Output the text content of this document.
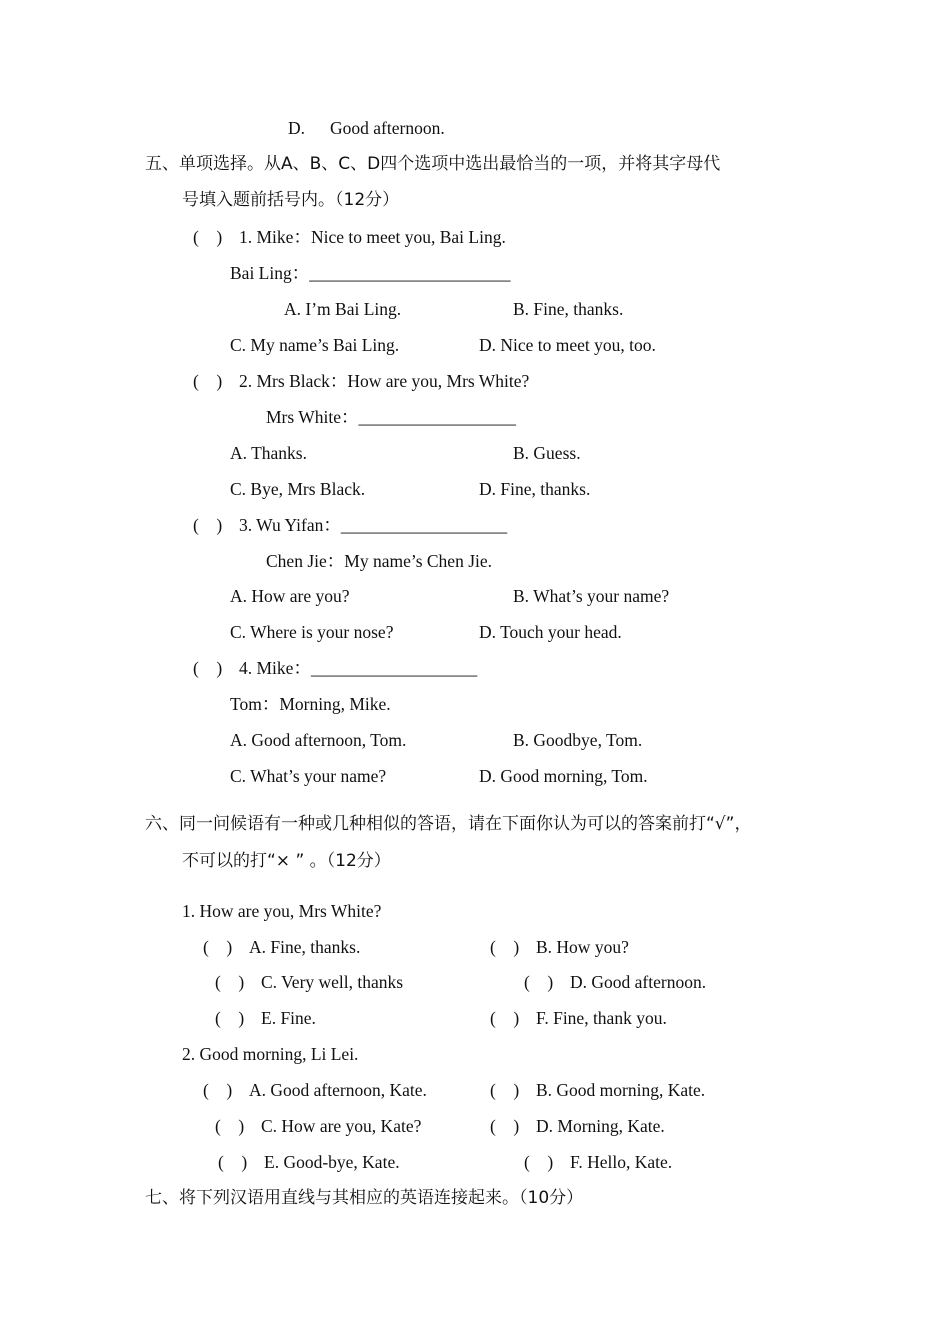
D. Good afternoon.
五、单项选择。从A、B、C、D四个选项中选出最恰当的一项，并将其字母代
号填入题前括号内。（12分）
(    ) 1. Mike：Nice to meet you, Bai Ling.
Bai Ling：_______________________
A. I’m Bai Ling.	B. Fine, thanks.
C. My name’s Bai Ling.	D. Nice to meet you, too.
(    ) 2. Mrs Black：How are you, Mrs White?
Mrs White：__________________
A. Thanks.	B. Guess.
C. Bye, Mrs Black.	D. Fine, thanks.
(    ) 3. Wu Yifan：___________________
Chen Jie：My name’s Chen Jie.
A. How are you?	B. What’s your name?
C. Where is your nose?	D. Touch your head.
(    ) 4. Mike：___________________
Tom：Morning, Mike.
A. Good afternoon, Tom.	B. Goodbye, Tom.
C. What’s your name?	D. Good morning, Tom.
六、同一问候语有一种或几种相似的答语，请在下面你认为可以的答案前打“√”，
不可以的打“× ” 。（12分）
1. How are you, Mrs White?
(    ) A. Fine, thanks.	(    ) B. How you?
(    ) C. Very well, thanks	(    ) D. Good afternoon.
(    ) E. Fine.	(    ) F. Fine, thank you.
2. Good morning, Li Lei.
(    ) A. Good afternoon, Kate.	(    ) B. Good morning, Kate.
(    ) C. How are you, Kate?	(    ) D. Morning, Kate.
(    ) E. Good-bye, Kate.	(    ) F. Hello, Kate.
七、将下列汉语用直线与其相应的英语连接起来。（10分）
